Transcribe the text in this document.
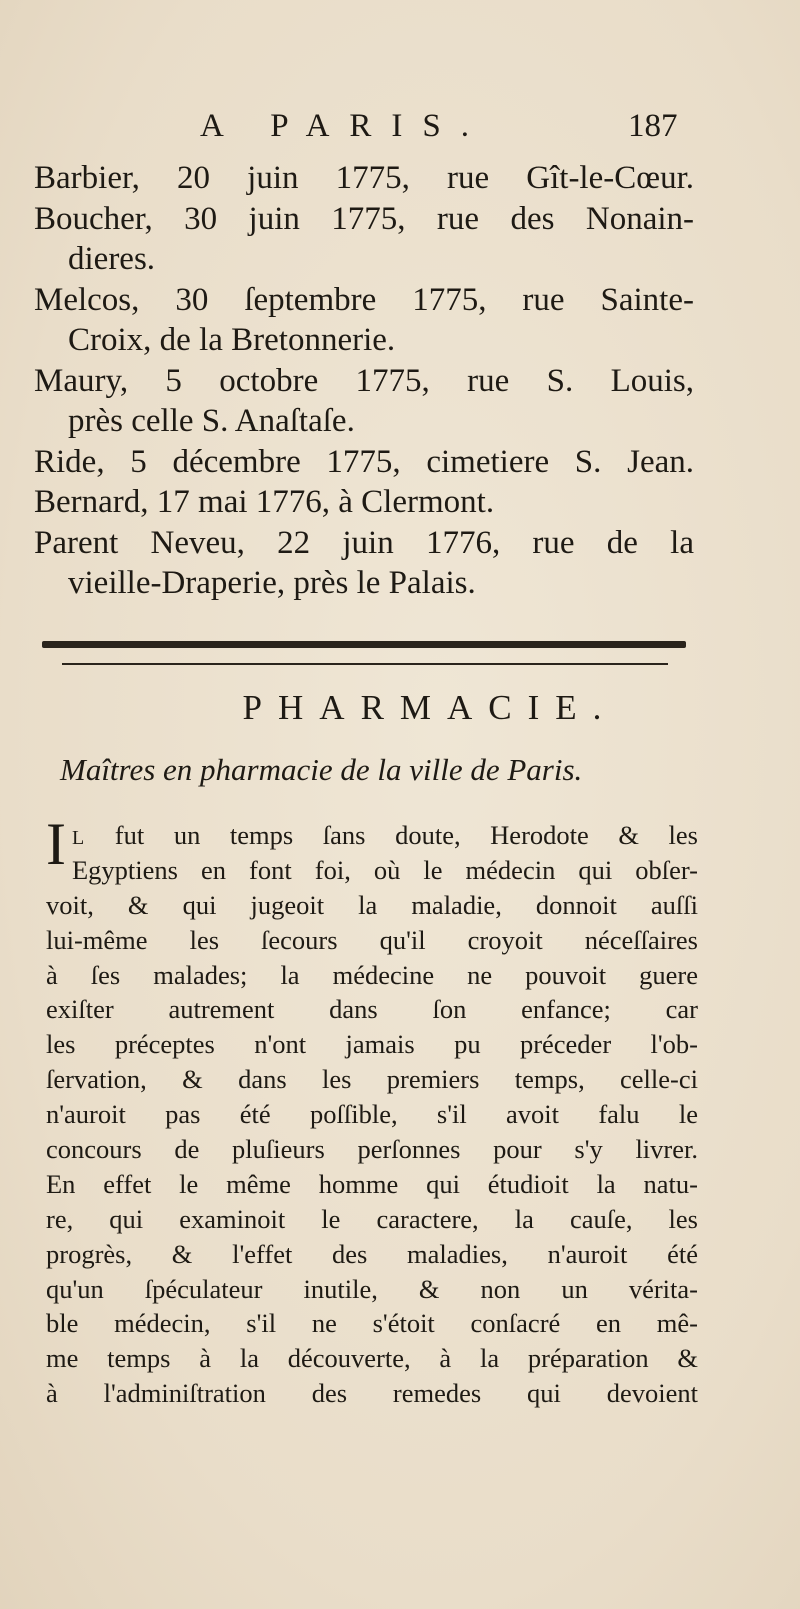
A PARIS.	187
Barbier, 20 juin 1775, rue Gît-le-Cœur.
Boucher, 30 juin 1775, rue des Nonain-
dieres.
Melcos, 30 ſeptembre 1775, rue Sainte-
Croix, de la Bretonnerie.
Maury, 5 octobre 1775, rue S. Louis,
près celle S. Anaſtaſe.
Ride, 5 décembre 1775, cimetiere S. Jean.
Bernard, 17 mai 1776, à Clermont.
Parent Neveu, 22 juin 1776, rue de la
vieille-Draperie, près le Palais.
PHARMACIE.
Maîtres en pharmacie de la ville de Paris.
I L fut un temps ſans doute, Herodote & les
Egyptiens en font foi, où le médecin qui obſer-
voit, & qui jugeoit la maladie, donnoit auſſi
lui-même les ſecours qu'il croyoit néceſſaires
à ſes malades; la médecine ne pouvoit guere
exiſter autrement dans ſon enfance; car
les préceptes n'ont jamais pu préceder l'ob-
ſervation, & dans les premiers temps, celle-ci
n'auroit pas été poſſible, s'il avoit falu le
concours de pluſieurs perſonnes pour s'y livrer.
En effet le même homme qui étudioit la natu-
re, qui examinoit le caractere, la cauſe, les
progrès, & l'effet des maladies, n'auroit été
qu'un ſpéculateur inutile, & non un vérita-
ble médecin, s'il ne s'étoit conſacré en mê-
me temps à la découverte, à la préparation &
à l'adminiſtration des remedes qui devoient
